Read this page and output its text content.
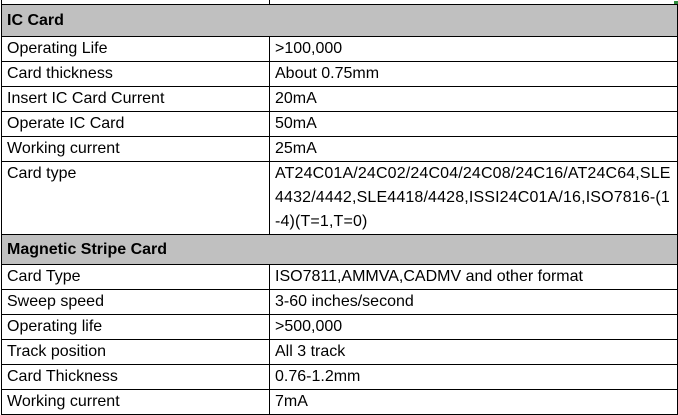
IC Card	
Operating Life	>100,000
Card thickness	About 0.75mm
Insert IC Card Current	20mA
Operate IC Card	50mA
Working current	25mA
Card type	AT24C01A/24C02/24C04/24C08/24C16/AT24C64,SLE4432/4442,SLE4418/4428,ISSI24C01A/16,ISO7816-(1-4)(T=1,T=0)
Magnetic Stripe Card	
Card Type	ISO7811,AMMVA,CADMV and other format
Sweep speed	3-60 inches/second
Operating life	>500,000
Track position	All 3 track
Card Thickness	0.76-1.2mm
Working current	7mA
